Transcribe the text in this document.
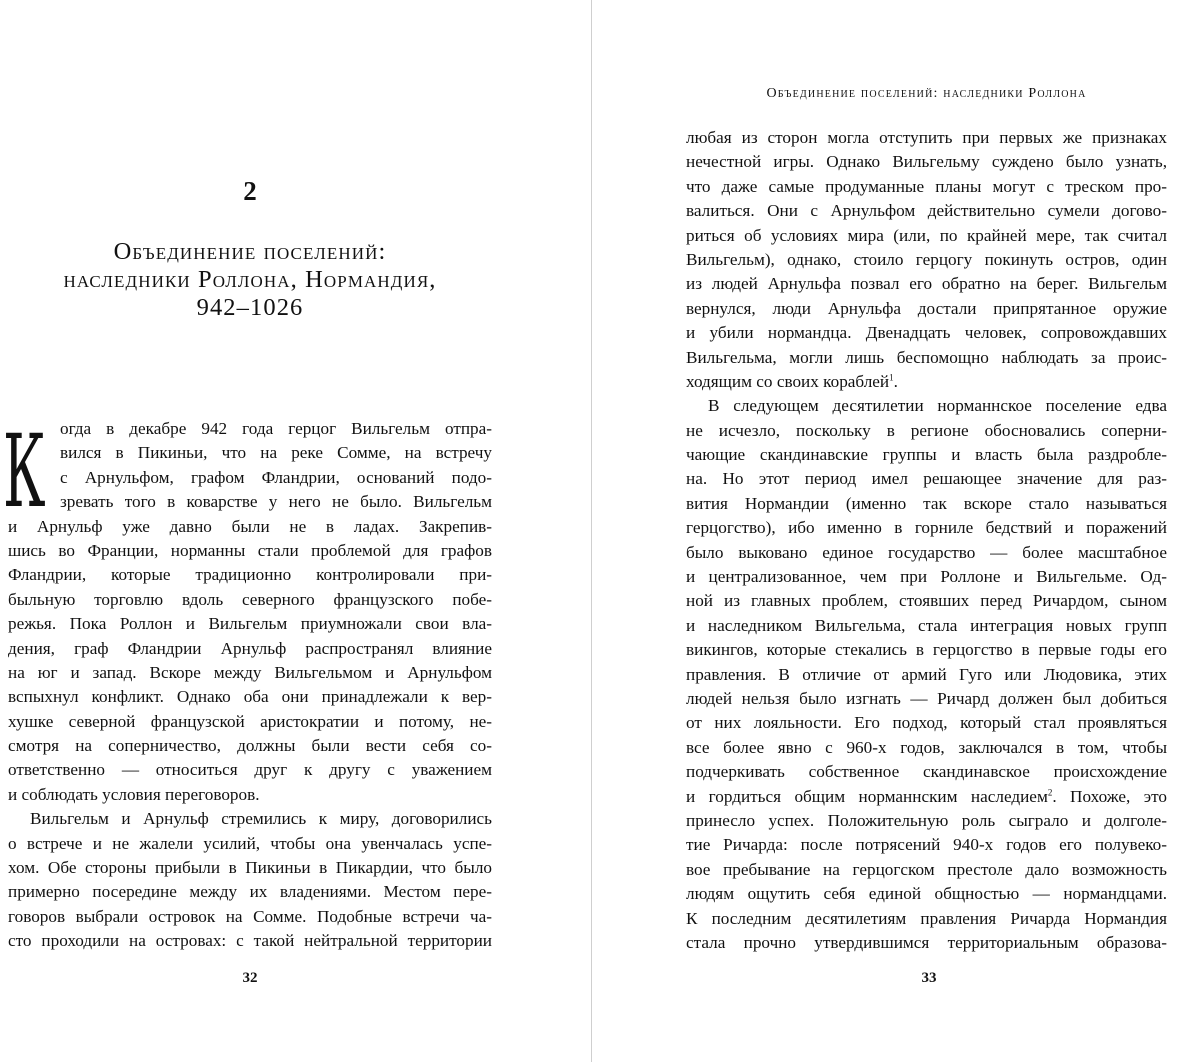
2
Объединение поселений:
наследники Роллона, Нормандия,
942–1026
К огда в декабре 942 года герцог Вильгельм отпра-
вился в Пикиньи, что на реке Сомме, на встречу
с Арнульфом, графом Фландрии, оснований подо-
зревать того в коварстве у него не было. Вильгельм
и Арнульф уже давно были не в ладах. Закрепив-
шись во Франции, норманны стали проблемой для графов
Фландрии, которые традиционно контролировали при-
быльную торговлю вдоль северного французского побе-
режья. Пока Роллон и Вильгельм приумножали свои вла-
дения, граф Фландрии Арнульф распространял влияние
на юг и запад. Вскоре между Вильгельмом и Арнульфом
вспыхнул конфликт. Однако оба они принадлежали к вер-
хушке северной французской аристократии и потому, не-
смотря на соперничество, должны были вести себя со-
ответственно — относиться друг к другу с уважением
и соблюдать условия переговоров.
Вильгельм и Арнульф стремились к миру, договорились
о встрече и не жалели усилий, чтобы она увенчалась успе-
хом. Обе стороны прибыли в Пикиньи в Пикардии, что было
примерно посередине между их владениями. Местом пере-
говоров выбрали островок на Сомме. Подобные встречи ча-
сто проходили на островах: с такой нейтральной территории
32
Объединение поселений: наследники Роллона
любая из сторон могла отступить при первых же признаках
нечестной игры. Однако Вильгельму суждено было узнать,
что даже самые продуманные планы могут с треском про-
валиться. Они с Арнульфом действительно сумели догово-
риться об условиях мира (или, по крайней мере, так считал
Вильгельм), однако, стоило герцогу покинуть остров, один
из людей Арнульфа позвал его обратно на берег. Вильгельм
вернулся, люди Арнульфа достали припрятанное оружие
и убили нормандца. Двенадцать человек, сопровождавших
Вильгельма, могли лишь беспомощно наблюдать за проис-
ходящим со своих кораблей$^1$.
В следующем десятилетии норманнское поселение едва
не исчезло, поскольку в регионе обосновались соперни-
чающие скандинавские группы и власть была раздробле-
на. Но этот период имел решающее значение для раз-
вития Нормандии (именно так вскоре стало называться
герцогство), ибо именно в горниле бедствий и поражений
было выковано единое государство — более масштабное
и централизованное, чем при Роллоне и Вильгельме. Од-
ной из главных проблем, стоявших перед Ричардом, сыном
и наследником Вильгельма, стала интеграция новых групп
викингов, которые стекались в герцогство в первые годы его
правления. В отличие от армий Гуго или Людовика, этих
людей нельзя было изгнать — Ричард должен был добиться
от них лояльности. Его подход, который стал проявляться
все более явно с 960-х годов, заключался в том, чтобы
подчеркивать собственное скандинавское происхождение
и гордиться общим норманнским наследием$^2$. Похоже, это
принесло успех. Положительную роль сыграло и долголе-
тие Ричарда: после потрясений 940-х годов его полувеко-
вое пребывание на герцогском престоле дало возможность
людям ощутить себя единой общностью — нормандцами.
К последним десятилетиям правления Ричарда Нормандия
стала прочно утвердившимся территориальным образова-
33
